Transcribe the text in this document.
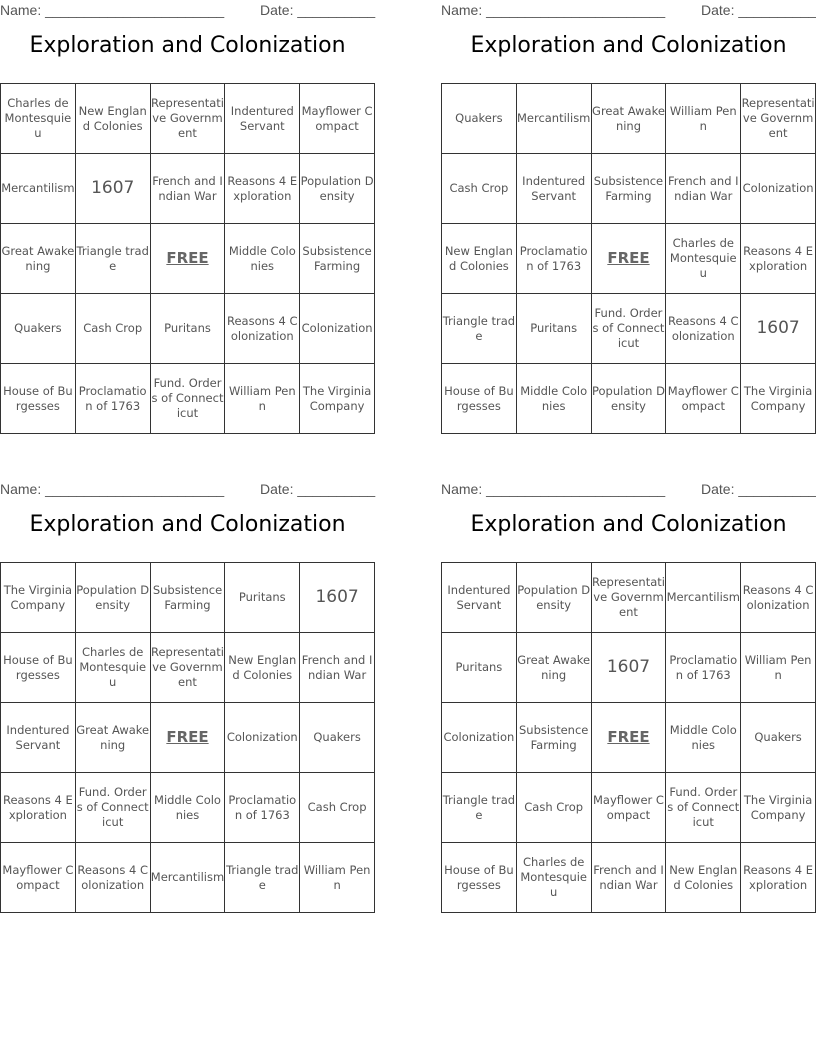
Name: _______________________	Date: __________
Exploration and Colonization
Charles de Montesquieu	New England Colonies	Representative Government	Indentured Servant	Mayflower Compact
Mercantilism	1607	French and Indian War	Reasons 4 Exploration	Population Density
Great Awakening	Triangle trade	FREE	Middle Colonies	Subsistence Farming
Quakers	Cash Crop	Puritans	Reasons 4 Colonization	Colonization
House of Burgesses	Proclamation of 1763	Fund. Orders of Connecticut	William Penn	The Virginia Company
Name: _______________________	Date: __________
Exploration and Colonization
Quakers	Mercantilism	Great Awakening	William Penn	Representative Government
Cash Crop	Indentured Servant	Subsistence Farming	French and Indian War	Colonization
New England Colonies	Proclamation of 1763	FREE	Charles de Montesquieu	Reasons 4 Exploration
Triangle trade	Puritans	Fund. Orders of Connecticut	Reasons 4 Colonization	1607
House of Burgesses	Middle Colonies	Population Density	Mayflower Compact	The Virginia Company
Name: _______________________	Date: __________
Exploration and Colonization
The Virginia Company	Population Density	Subsistence Farming	Puritans	1607
House of Burgesses	Charles de Montesquieu	Representative Government	New England Colonies	French and Indian War
Indentured Servant	Great Awakening	FREE	Colonization	Quakers
Reasons 4 Exploration	Fund. Orders of Connecticut	Middle Colonies	Proclamation of 1763	Cash Crop
Mayflower Compact	Reasons 4 Colonization	Mercantilism	Triangle trade	William Penn
Name: _______________________	Date: __________
Exploration and Colonization
Indentured Servant	Population Density	Representative Government	Mercantilism	Reasons 4 Colonization
Puritans	Great Awakening	1607	Proclamation of 1763	William Penn
Colonization	Subsistence Farming	FREE	Middle Colonies	Quakers
Triangle trade	Cash Crop	Mayflower Compact	Fund. Orders of Connecticut	The Virginia Company
House of Burgesses	Charles de Montesquieu	French and Indian War	New England Colonies	Reasons 4 Exploration
